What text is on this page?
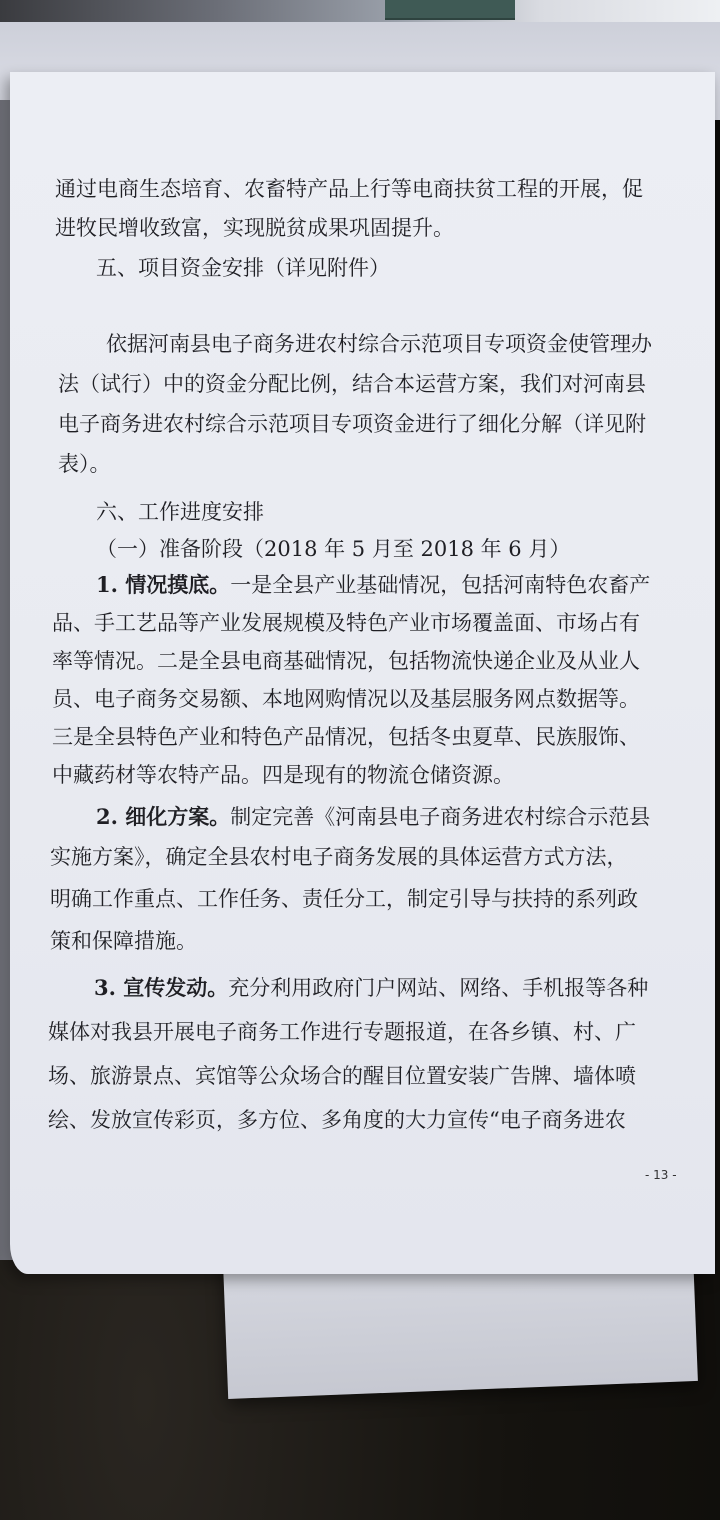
通过电商生态培育、农畜特产品上行等电商扶贫工程的开展，促
进牧民增收致富，实现脱贫成果巩固提升。
五、项目资金安排（详见附件）
依据河南县电子商务进农村综合示范项目专项资金使管理办
法（试行）中的资金分配比例，结合本运营方案，我们对河南县
电子商务进农村综合示范项目专项资金进行了细化分解（详见附
表）。
六、工作进度安排
（一）准备阶段（2018 年 5 月至 2018 年 6 月）
1. 情况摸底。一是全县产业基础情况，包括河南特色农畜产
品、手工艺品等产业发展规模及特色产业市场覆盖面、市场占有
率等情况。二是全县电商基础情况，包括物流快递企业及从业人
员、电子商务交易额、本地网购情况以及基层服务网点数据等。
三是全县特色产业和特色产品情况，包括冬虫夏草、民族服饰、
中藏药材等农特产品。四是现有的物流仓储资源。
2. 细化方案。制定完善《河南县电子商务进农村综合示范县
实施方案》，确定全县农村电子商务发展的具体运营方式方法，
明确工作重点、工作任务、责任分工，制定引导与扶持的系列政
策和保障措施。
3. 宣传发动。充分利用政府门户网站、网络、手机报等各种
媒体对我县开展电子商务工作进行专题报道，在各乡镇、村、广
场、旅游景点、宾馆等公众场合的醒目位置安装广告牌、墙体喷
绘、发放宣传彩页，多方位、多角度的大力宣传“电子商务进农
- 13 -
